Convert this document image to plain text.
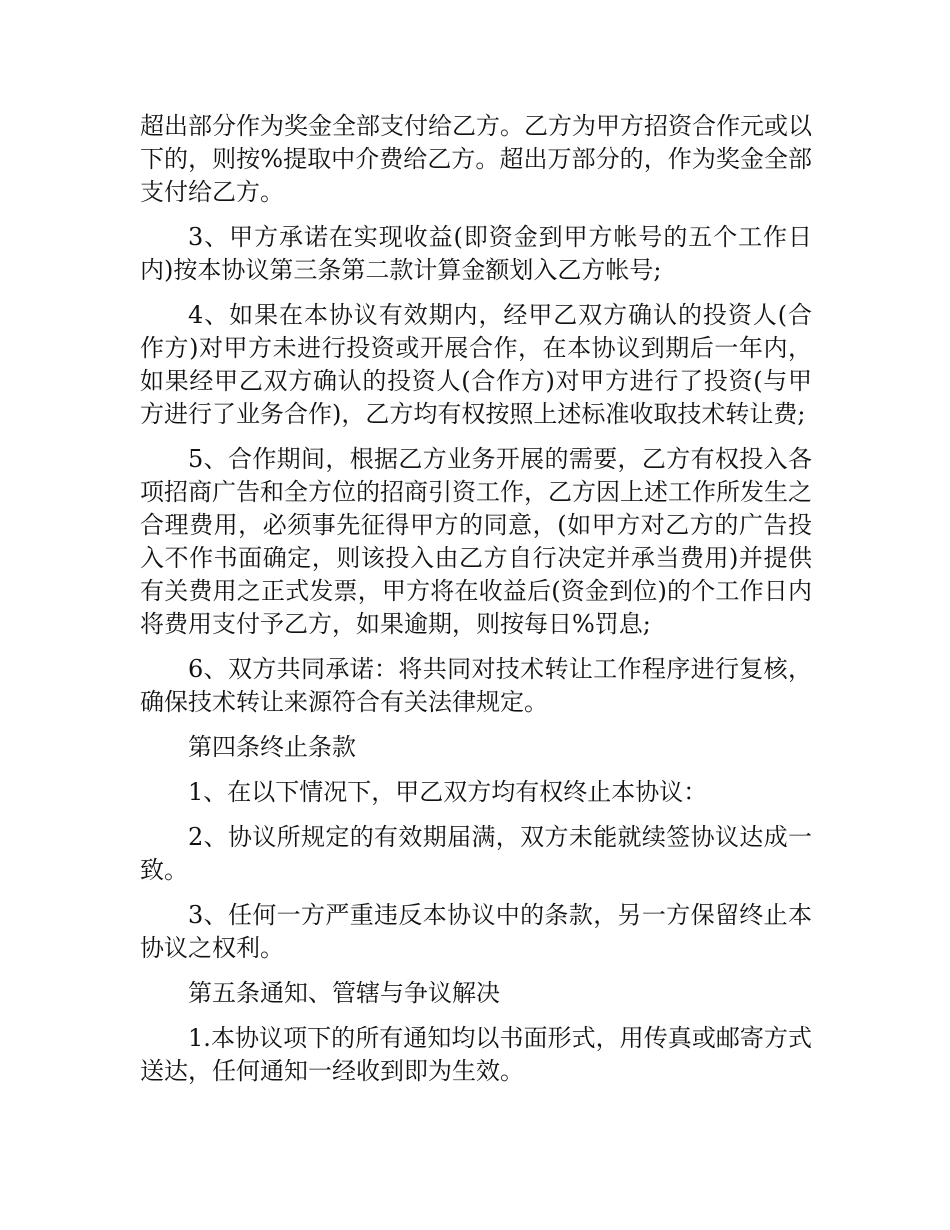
超出部分作为奖金全部支付给乙方。乙方为甲方招资合作元或以下的，则按%提取中介费给乙方。超出万部分的，作为奖金全部支付给乙方。

3、甲方承诺在实现收益(即资金到甲方帐号的五个工作日内)按本协议第三条第二款计算金额划入乙方帐号;

4、如果在本协议有效期内，经甲乙双方确认的投资人(合作方)对甲方未进行投资或开展合作，在本协议到期后一年内，如果经甲乙双方确认的投资人(合作方)对甲方进行了投资(与甲方进行了业务合作)，乙方均有权按照上述标准收取技术转让费;

5、合作期间，根据乙方业务开展的需要，乙方有权投入各项招商广告和全方位的招商引资工作，乙方因上述工作所发生之合理费用，必须事先征得甲方的同意，(如甲方对乙方的广告投入不作书面确定，则该投入由乙方自行决定并承当费用)并提供有关费用之正式发票，甲方将在收益后(资金到位)的个工作日内将费用支付予乙方，如果逾期，则按每日%罚息;

6、双方共同承诺：将共同对技术转让工作程序进行复核，确保技术转让来源符合有关法律规定。

第四条终止条款

1、在以下情况下，甲乙双方均有权终止本协议：

2、协议所规定的有效期届满，双方未能就续签协议达成一致。

3、任何一方严重违反本协议中的条款，另一方保留终止本协议之权利。

第五条通知、管辖与争议解决

1.本协议项下的所有通知均以书面形式，用传真或邮寄方式送达，任何通知一经收到即为生效。
